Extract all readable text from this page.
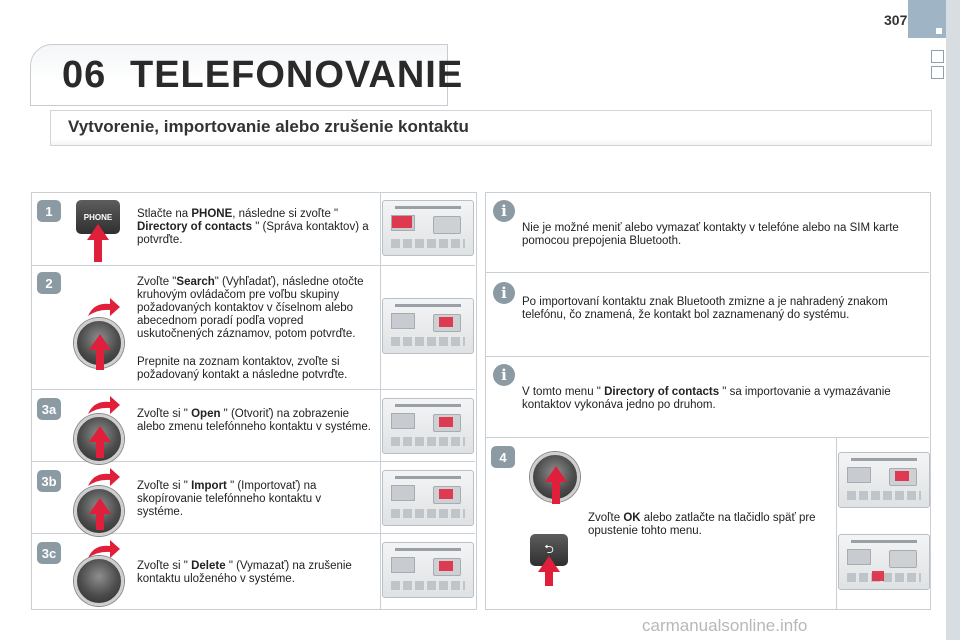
307
06 TELEFONOVANIE
Vytvorenie, importovanie alebo zrušenie kontaktu
1
2
3a
3b
3c
PHONE	Stlačte na PHONE, následne si zvoľte " Directory of contacts " (Správa kontaktov) a potvrďte.
Zvoľte "Search" (Vyhľadať), následne otočte kruhovým ovládačom pre voľbu skupiny požadovaných kontaktov v číselnom alebo abecednom poradí podľa vopred uskutočnených záznamov, potom potvrďte.
Prepnite na zoznam kontaktov, zvoľte si požadovaný kontakt a následne potvrďte.
Zvoľte si " Open " (Otvoriť) na zobrazenie alebo zmenu telefónneho kontaktu v systéme.
Zvoľte si " Import " (Importovať) na skopírovanie telefónneho kontaktu v systéme.
Zvoľte si " Delete " (Vymazať) na zrušenie kontaktu uloženého v systéme.
i
i
i
4
Nie je možné meniť alebo vymazať kontakty v telefóne alebo na SIM karte pomocou prepojenia Bluetooth.
Po importovaní kontaktu znak Bluetooth zmizne a je nahradený znakom telefónu, čo znamená, že kontakt bol zaznamenaný do systému.
V tomto menu " Directory of contacts " sa importovanie a vymazávanie kontaktov vykonáva jedno po druhom.
⮌
Zvoľte OK alebo zatlačte na tlačidlo späť pre opustenie tohto menu.
carmanualsonline.info
